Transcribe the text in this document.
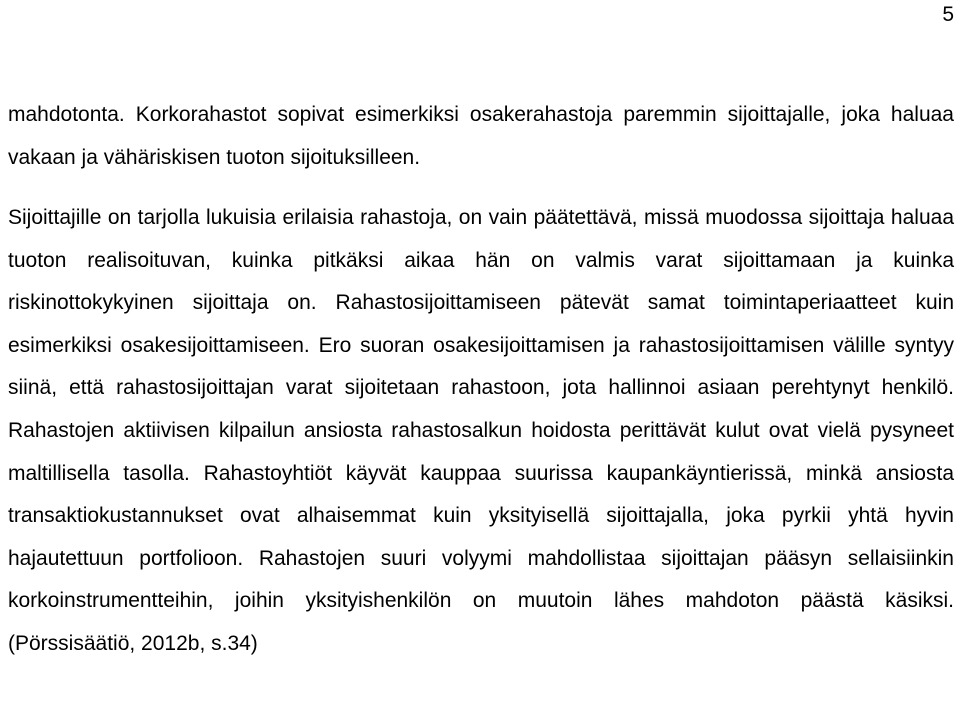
5

mahdotonta. Korkorahastot sopivat esimerkiksi osakerahastoja paremmin sijoittajalle, joka haluaa vakaan ja vähäriskisen tuoton sijoituksilleen.

Sijoittajille on tarjolla lukuisia erilaisia rahastoja, on vain päätettävä, missä muodossa sijoittaja haluaa tuoton realisoituvan, kuinka pitkäksi aikaa hän on valmis varat sijoittamaan ja kuinka riskinottokykyinen sijoittaja on. Rahastosijoittamiseen pätevät samat toimintaperiaatteet kuin esimerkiksi osakesijoittamiseen. Ero suoran osakesijoittamisen ja rahastosijoittamisen välille syntyy siinä, että rahastosijoittajan varat sijoitetaan rahastoon, jota hallinnoi asiaan perehtynyt henkilö. Rahastojen aktiivisen kilpailun ansiosta rahastosalkun hoidosta perittävät kulut ovat vielä pysyneet maltillisella tasolla. Rahastoyhtiöt käyvät kauppaa suurissa kaupankäyntierissä, minkä ansiosta transaktiokustannukset ovat alhaisemmat kuin yksityisellä sijoittajalla, joka pyrkii yhtä hyvin hajautettuun portfolioon. Rahastojen suuri volyymi mahdollistaa sijoittajan pääsyn sellaisiinkin korkoinstrumentteihin, joihin yksityishenkilön on muutoin lähes mahdoton päästä käsiksi. (Pörssisäätiö, 2012b, s.34)
